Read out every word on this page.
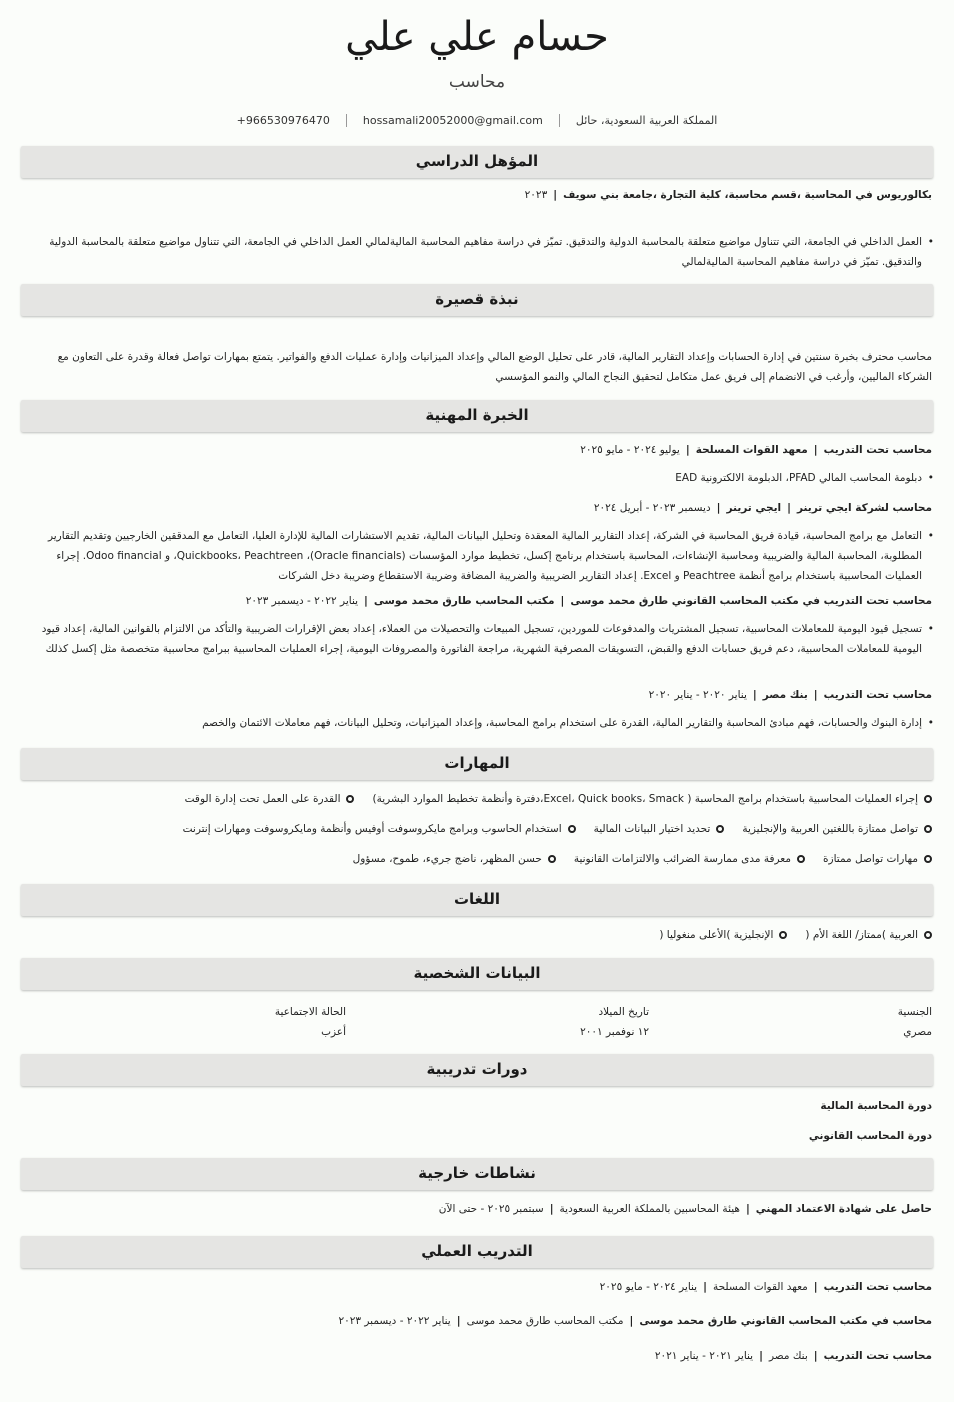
حسام علي علي
محاسب
المملكة العربية السعودية، حائل
hossamali20052000@gmail.com
+966530976470
المؤهل الدراسي
بكالوريوس في المحاسبة ،قسم محاسبة، كلية التجارة ،جامعة بني سويف|٢٠٢٣
• العمل الداخلي في الجامعة، التي تتناول مواضيع متعلقة بالمحاسبة الدولية والتدقيق. تميّز في دراسة مفاهيم المحاسبة الماليةلمالي العمل الداخلي في الجامعة، التي تتناول مواضيع متعلقة بالمحاسبة الدولية والتدقيق. تميّز في دراسة مفاهيم المحاسبة الماليةلمالي
نبذة قصيرة
محاسب محترف بخبرة سنتين في إدارة الحسابات وإعداد التقارير المالية، قادر على تحليل الوضع المالي وإعداد الميزانيات وإدارة عمليات الدفع والفواتير. يتمتع بمهارات تواصل فعالة وقدرة على التعاون مع الشركاء الماليين، وأرغب في الانضمام إلى فريق عمل متكامل لتحقيق النجاح المالي والنمو المؤسسي
الخبرة المهنية
محاسب تحت التدريب|معهد القوات المسلحة|يوليو ٢٠٢٤ - مايو ٢٠٢٥
• دبلومة المحاسب المالي PFAD، الدبلومة الالكترونية EAD
محاسب لشركة ايجي ترينر|ايجي ترينر|ديسمبر ٢٠٢٣ - أبريل ٢٠٢٤
• التعامل مع برامج المحاسبة، قيادة فريق المحاسبة في الشركة، إعداد التقارير المالية المعقدة وتحليل البيانات المالية، تقديم الاستشارات المالية للإدارة العليا، التعامل مع المدققين الخارجيين وتقديم التقارير المطلوبة، المحاسبة المالية والضريبية ومحاسبة الإنشاءات، المحاسبة باستخدام برنامج إكسل، تخطيط موارد المؤسسات (Oracle financials)، Quickbooks، Peachtreen، و Odoo financial. إجراء العمليات المحاسبية باستخدام برامج أنظمة Peachtree و Excel. إعداد التقارير الضريبية والضريبة المضافة وضريبة الاستقطاع وضريبة دخل الشركات
محاسب تحت التدريب في مكتب المحاسب القانوني طارق محمد موسى|مكتب المحاسب طارق محمد موسى|يناير ٢٠٢٢ - ديسمبر ٢٠٢٣
• تسجيل قيود اليومية للمعاملات المحاسبية، تسجيل المشتريات والمدفوعات للموردين، تسجيل المبيعات والتحصيلات من العملاء، إعداد بعض الإقرارات الضريبية والتأكد من الالتزام بالقوانين المالية، إعداد قيود اليومية للمعاملات المحاسبية، دعم فريق حسابات الدفع والقبض، التسويقات المصرفية الشهرية، مراجعة الفاتورة والمصروفات اليومية، إجراء العمليات المحاسبية ببرامج محاسبية متخصصة مثل إكسل كذلك
محاسب تحت التدريب|بنك مصر|يناير ٢٠٢٠ - يناير ٢٠٢٠
• إدارة البنوك والحسابات، فهم مبادئ المحاسبة والتقارير المالية، القدرة على استخدام برامج المحاسبة، وإعداد الميزانيات، وتحليل البيانات، فهم معاملات الائتمان والخصم
المهارات
إجراء العمليات المحاسبية باستخدام برامج المحاسبة ( Excel، Quick books، Smack،دفترة وأنظمة تخطيط الموارد البشرية)
القدرة على العمل تحت إدارة الوقت
تواصل ممتازة باللغتين العربية والإنجليزية
تحديد اختيار البيانات المالية
استخدام الحاسوب وبرامج مايكروسوفت أوفيس وأنظمة ومايكروسوفت ومهارات إنترنت
مهارات تواصل ممتازة
معرفة مدى ممارسة الضرائب والالتزامات القانونية
حسن المظهر، ناضج جريء، طموح، مسؤول
اللغات
العربية )ممتاز/ اللغة الأم (
الإنجليزية )الأعلى منغوليا (
البيانات الشخصية
الجنسية
مصري
تاريخ الميلاد
١٢ نوفمبر ٢٠٠١
الحالة الاجتماعية
أعزب
دورات تدريبية
دورة المحاسبة المالية
دورة المحاسب القانوني
نشاطات خارجية
حاصل على شهادة الاعتماد المهني|هيئة المحاسبين بالمملكة العربية السعودية|سبتمبر ٢٠٢٥ - حتى الآن
التدريب العملي
محاسب تحت التدريب|معهد القوات المسلحة|يناير ٢٠٢٤ - مايو ٢٠٢٥
محاسب في مكتب المحاسب القانوني طارق محمد موسى|مكتب المحاسب طارق محمد موسى|يناير ٢٠٢٢ - ديسمبر ٢٠٢٣
محاسب تحت التدريب|بنك مصر|يناير ٢٠٢١ - يناير ٢٠٢١
